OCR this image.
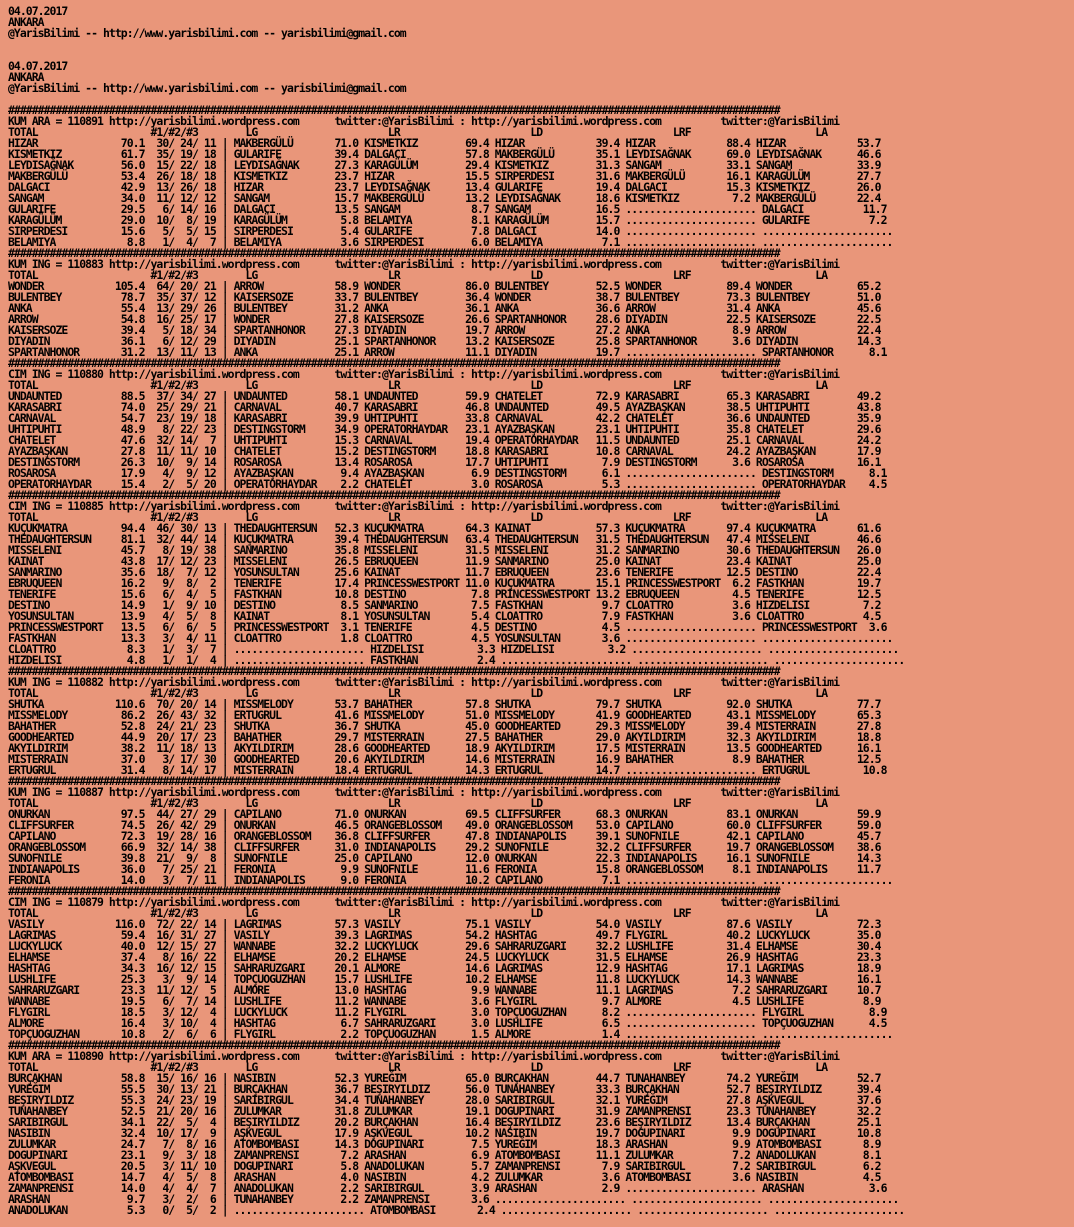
04.07.2017
ANKARA
@YarisBilimi -- http://www.yarisbilimi.com -- yarisbilimi@gmail.com

04.07.2017
ANKARA
@YarisBilimi -- http://www.yarisbilimi.com -- yarisbilimi@gmail.com

##################################################################################################################################
KUM ARA = 110891 http://yarisbilimi.wordpress.com      twitter:@YarisBilimi : http://yarisbilimi.wordpress.com          twitter:@YarisBilimi
TOTAL                   #1/#2/#3        LG                      LR                      LD                      LRF                     LA
HIZAR              70.1  30/ 24/ 11 | MAKBERGÜLÜ       71.0 KISMETKIZ        69.4 HIZAR            39.4 HIZAR            88.4 HIZAR            53.7
KISMETKIZ          61.7  35/ 19/ 18 | GULARIFE         39.4 DALGACI          57.8 MAKBERGÜLÜ       35.1 LEYDISAĞNAK      69.0 LEYDISAĞNAK      46.6
LEYDISAĞNAK        56.0  15/ 22/ 18 | LEYDISAĞNAK      27.3 KARAGÜLÜM        29.4 KISMETKIZ        31.3 SANGAM           33.1 SANGAM           33.9
MAKBERGÜLÜ         53.4  26/ 18/ 18 | KISMETKIZ        23.7 HIZAR            15.5 SIRPERDESI       31.6 MAKBERGÜLÜ       16.1 KARAGÜLÜM        27.7
DALGACI            42.9  13/ 26/ 18 | HIZAR            23.7 LEYDISAĞNAK      13.4 GULARIFE         19.4 DALGACI          15.3 KISMETKIZ        26.0
SANGAM             34.0  11/ 12/ 12 | SANGAM           15.7 MAKBERGÜLÜ       13.2 LEYDISAĞNAK      18.6 KISMETKIZ         7.2 MAKBERGÜLÜ       22.4
GULARIFE           29.5   6/ 14/ 16 | DALGACI          13.5 SANGAM            8.7 SANGAM           16.5 ...................... DALGACI          11.7
KARAGÜLÜM          29.0  10/  8/ 19 | KARAGÜLÜM         5.8 BELAMIYA          8.1 KARAGÜLÜM        15.7 ...................... GULARIFE          7.2
SIRPERDESI         15.6   5/  5/ 15 | SIRPERDESI        5.4 GULARIFE          7.8 DALGACI          14.0 ...................... ......................
BELAMIYA            8.8   1/  4/  7 | BELAMIYA          3.6 SIRPERDESI        6.0 BELAMIYA          7.1 ...................... ......................
##################################################################################################################################
KUM ING = 110883 http://yarisbilimi.wordpress.com      twitter:@YarisBilimi : http://yarisbilimi.wordpress.com          twitter:@YarisBilimi
TOTAL                   #1/#2/#3        LG                      LR                      LD                      LRF                     LA
WONDER            105.4  64/ 20/ 21 | ARROW            58.9 WONDER           86.0 BULENTBEY        52.5 WONDER           89.4 WONDER           65.2
BULENTBEY          78.7  35/ 37/ 12 | KAISERSOZE       33.7 BULENTBEY        36.4 WONDER           38.7 BULENTBEY        73.3 BULENTBEY        51.0
ANKA               55.4  13/ 29/ 26 | BULENTBEY        31.2 ANKA             36.1 ANKA             36.6 ARROW            31.4 ANKA             45.6
ARROW              54.8  16/ 25/ 17 | WONDER           27.8 KAISERSOZE       26.6 SPARTANHONOR     28.6 DIYADIN          22.5 KAISERSOZE       22.5
KAISERSOZE         39.4   5/ 18/ 34 | SPARTANHONOR     27.3 DIYADIN          19.7 ARROW            27.2 ANKA              8.9 ARROW            22.4
DIYADIN            36.1   6/ 12/ 29 | DIYADIN          25.1 SPARTANHONOR     13.2 KAISERSOZE       25.8 SPARTANHONOR      3.6 DIYADIN          14.3
SPARTANHONOR       31.2  13/ 11/ 13 | ANKA             25.1 ARROW            11.1 DIYADIN          19.7 ...................... SPARTANHONOR      8.1
##################################################################################################################################
CIM ING = 110880 http://yarisbilimi.wordpress.com      twitter:@YarisBilimi : http://yarisbilimi.wordpress.com          twitter:@YarisBilimi
TOTAL                   #1/#2/#3        LG                      LR                      LD                      LRF                     LA
UNDAUNTED          88.5  37/ 34/ 27 | UNDAUNTED        58.1 UNDAUNTED        59.9 CHATELET         72.9 KARASABRI        65.3 KARASABRI        49.2
KARASABRI          74.0  25/ 29/ 21 | CARNAVAL         40.7 KARASABRI        46.8 UNDAUNTED        49.5 AYAZBAŞKAN       38.5 UHTIPUHTI        43.8
CARNAVAL           54.7  23/ 19/ 18 | KARASABRI        39.9 UHTIPUHTI        33.8 CARNAVAL         42.2 CHATELET         36.6 UNDAUNTED        35.9
UHTIPUHTI          48.9   8/ 22/ 23 | DESTINGSTORM     34.9 OPERATORHAYDAR   23.1 AYAZBAŞKAN       23.1 UHTIPUHTI        35.8 CHATELET         29.6
CHATELET           47.6  32/ 14/  7 | UHTIPUHTI        15.3 CARNAVAL         19.4 OPERATORHAYDAR   11.5 UNDAUNTED        25.1 CARNAVAL         24.2
AYAZBAŞKAN         27.8  11/ 11/ 10 | CHATELET         15.2 DESTINGSTORM     18.8 KARASABRI        10.8 CARNAVAL         24.2 AYAZBAŞKAN       17.9
DESTINGSTORM       26.3  10/  9/ 14 | ROSAROSA         13.4 ROSAROSA         17.7 UHTIPUHTI         7.9 DESTINGSTORM      3.6 ROSAROSA         16.1
ROSAROSA           17.9   4/  9/ 12 | AYAZBAŞKAN        9.4 AYAZBAŞKAN        6.9 DESTINGSTORM      6.1 ...................... DESTINGSTORM      8.1
OPERATORHAYDAR     15.4   2/  5/ 20 | OPERATORHAYDAR    2.2 CHATELET          3.0 ROSAROSA          5.3 ...................... OPERATORHAYDAR    4.5
##################################################################################################################################
CIM ING = 110885 http://yarisbilimi.wordpress.com      twitter:@YarisBilimi : http://yarisbilimi.wordpress.com          twitter:@YarisBilimi
TOTAL                   #1/#2/#3        LG                      LR                      LD                      LRF                     LA
KUÇUKMATRA         94.4  46/ 30/ 13 | THEDAUGHTERSUN   52.3 KUÇUKMATRA       64.3 KAINAT           57.3 KUÇUKMATRA       97.4 KUÇUKMATRA       61.6
THEDAUGHTERSUN     81.1  32/ 44/ 14 | KUÇUKMATRA       39.4 THEDAUGHTERSUN   63.4 THEDAUGHTERSUN   31.5 THEDAUGHTERSUN   47.4 MISSELENI        46.6
MISSELENI          45.7   8/ 19/ 38 | SANMARINO        35.8 MISSELENI        31.5 MISSELENI        31.2 SANMARINO        30.6 THEDAUGHTERSUN   26.0
KAINAT             43.8  17/ 12/ 23 | MISSELENI        26.5 EBRUQUEEN        11.9 SANMARINO        25.0 KAINAT           23.4 KAINAT           25.0
SANMARINO          35.6  18/  7/ 12 | YOSUNSULTAN      25.6 KAINAT           11.7 EBRUQUEEN        23.6 TENERIFE         12.5 DESTINO          22.4
EBRUQUEEN          16.2   9/  8/  2 | TENERIFE         17.4 PRINCESSWESTPORT 11.0 KUÇUKMATRA       15.1 PRINCESSWESTPORT  6.2 FASTKHAN         19.7
TENERIFE           15.6   6/  4/  5 | FASTKHAN         10.8 DESTINO           7.8 PRINCESSWESTPORT 13.2 EBRUQUEEN         4.5 TENERIFE         12.5
DESTINO            14.9   1/  9/ 10 | DESTINO           8.5 SANMARINO         7.5 FASTKHAN          9.7 CLOATTRO          3.6 HIZDELISI         7.2
YOSUNSULTAN        13.9   4/  5/  8 | KAINAT            8.1 YOSUNSULTAN       5.4 CLOATTRO          7.9 FASTKHAN          3.6 CLOATTRO          4.5
PRINCESSWESTPORT   13.5   6/  6/  5 | PRINCESSWESTPORT  3.1 TENERIFE          4.5 DESTINO           4.5 ...................... PRINCESSWESTPORT  3.6
FASTKHAN           13.3   3/  4/ 11 | CLOATTRO          1.8 CLOATTRO          4.5 YOSUNSULTAN       3.6 ...................... ......................
CLOATTRO            8.3   1/  3/  7 | ...................... HIZDELISI         3.3 HIZDELISI         3.2 ...................... ......................
HIZDELISI           4.8   1/  1/  4 | ...................... FASTKHAN          2.4 ...................... ...................... ......................
##################################################################################################################################
KUM ING = 110882 http://yarisbilimi.wordpress.com      twitter:@YarisBilimi : http://yarisbilimi.wordpress.com          twitter:@YarisBilimi
TOTAL                   #1/#2/#3        LG                      LR                      LD                      LRF                     LA
SHUTKA            110.6  70/ 20/ 14 | MISSMELODY       53.7 BAHATHER         57.8 SHUTKA           79.7 SHUTKA           92.0 SHUTKA           77.7
MISSMELODY         86.2  26/ 43/ 32 | ERTUGRUL         41.6 MISSMELODY       51.0 MISSMELODY       41.9 GOODHEARTED      43.1 MISSMELODY       65.3
BAHATHER           52.8  24/ 21/ 23 | SHUTKA           36.7 SHUTKA           45.0 GOODHEARTED      29.3 MISSMELODY       39.4 MISTERRAIN       27.8
GOODHEARTED        44.9  20/ 17/ 23 | BAHATHER         29.7 MISTERRAIN       27.5 BAHATHER         29.0 AKYILDIRIM       32.3 AKYILDIRIM       18.8
AKYILDIRIM         38.2  11/ 18/ 13 | AKYILDIRIM       28.6 GOODHEARTED      18.9 AKYILDIRIM       17.5 MISTERRAIN       13.5 GOODHEARTED      16.1
MISTERRAIN         37.0   3/ 17/ 30 | GOODHEARTED      20.6 AKYILDIRIM       14.6 MISTERRAIN       16.9 BAHATHER          8.9 BAHATHER         12.5
ERTUGRUL           31.4   8/ 14/ 17 | MISTERRAIN       18.4 ERTUGRUL         14.3 ERTUGRUL         14.7 ...................... ERTUGRUL         10.8
##################################################################################################################################
KUM ING = 110887 http://yarisbilimi.wordpress.com      twitter:@YarisBilimi : http://yarisbilimi.wordpress.com          twitter:@YarisBilimi
TOTAL                   #1/#2/#3        LG                      LR                      LD                      LRF                     LA
ONURKAN            97.5  44/ 27/ 29 | CAPILANO         71.0 ONURKAN          69.5 CLIFFSURFER      68.3 ONURKAN          83.1 ONURKAN          59.9
CLIFFSURFER        74.5  26/ 42/ 29 | ONURKAN          46.5 ORANGEBLOSSOM    49.0 ORANGEBLOSSOM    53.0 CAPILANO         60.0 CLIFFSURFER      59.0
CAPILANO           72.3  19/ 28/ 16 | ORANGEBLOSSOM    36.8 CLIFFSURFER      47.8 INDIANAPOLIS     39.1 SUNOFNILE        42.1 CAPILANO         45.7
ORANGEBLOSSOM      66.9  32/ 14/ 38 | CLIFFSURFER      31.0 INDIANAPOLIS     29.2 SUNOFNILE        32.2 CLIFFSURFER      19.7 ORANGEBLOSSOM    38.6
SUNOFNILE          39.8  21/  9/  8 | SUNOFNILE        25.0 CAPILANO         12.0 ONURKAN          22.3 INDIANAPOLIS     16.1 SUNOFNILE        14.3
INDIANAPOLIS       36.0   7/ 25/ 21 | FERONIA           9.9 SUNOFNILE        11.6 FERONIA          15.8 ORANGEBLOSSOM     8.1 INDIANAPOLIS     11.7
FERONIA            14.0   3/  7/ 11 | INDIANAPOLIS      9.0 FERONIA          10.2 CAPILANO          7.1 ...................... ......................
##################################################################################################################################
CIM ING = 110879 http://yarisbilimi.wordpress.com      twitter:@YarisBilimi : http://yarisbilimi.wordpress.com          twitter:@YarisBilimi
TOTAL                   #1/#2/#3        LG                      LR                      LD                      LRF                     LA
VASILY            116.0  72/ 22/ 14 | LAGRIMAS         57.3 VASILY           75.1 VASILY           54.0 VASILY           87.6 VASILY           72.3
LAGRIMAS           59.4  16/ 31/ 27 | VASILY           39.3 LAGRIMAS         54.2 HASHTAG          49.7 FLYGIRL          40.2 LUCKYLUCK        35.0
LUCKYLUCK          40.0  12/ 15/ 27 | WANNABE          32.2 LUCKYLUCK        29.6 SAHRARUZGARI     32.2 LUSHLIFE         31.4 ELHAMSE          30.4
ELHAMSE            37.4   8/ 16/ 22 | ELHAMSE          20.2 ELHAMSE          24.5 LUCKYLUCK        31.5 ELHAMSE          26.9 HASHTAG          23.3
HASHTAG            34.3  16/ 12/ 15 | SAHRARUZGARI     20.1 ALMORE           14.6 LAGRIMAS         12.9 HASHTAG          17.1 LAGRIMAS         18.9
LUSHLIFE           25.3   3/  9/ 14 | TOPÇUOGUZHAN     15.7 LUSHLIFE         10.2 ELHAMSE          11.8 LUCKYLUCK        14.3 WANNABE          16.1
SAHRARUZGARI       23.3  11/ 12/  5 | ALMORE           13.0 HASHTAG           9.9 WANNABE          11.1 LAGRIMAS          7.2 SAHRARUZGARI     10.7
WANNABE            19.5   6/  7/ 14 | LUSHLIFE         11.2 WANNABE           3.6 FLYGIRL           9.7 ALMORE            4.5 LUSHLIFE          8.9
FLYGIRL            18.5   3/ 12/  4 | LUCKYLUCK        11.2 FLYGIRL           3.0 TOPÇUOGUZHAN      8.2 ...................... FLYGIRL           8.9
ALMORE             16.4   3/ 10/  4 | HASHTAG           6.7 SAHRARUZGARI      3.0 LUSHLIFE          6.5 ...................... TOPÇUOGUZHAN      4.5
TOPÇUOGUZHAN       10.8   2/  6/  6 | FLYGIRL           2.2 TOPÇUOGUZHAN      1.5 ALMORE            1.4 ...................... ......................
##################################################################################################################################
KUM ARA = 110890 http://yarisbilimi.wordpress.com      twitter:@YarisBilimi : http://yarisbilimi.wordpress.com          twitter:@YarisBilimi
TOTAL                   #1/#2/#3        LG                      LR                      LD                      LRF                     LA
BURÇAKHAN          58.8  15/ 16/ 16 | NASIBIN          52.3 YUREĞIM          65.0 BURÇAKHAN        44.7 TUNAHANBEY       74.2 YUREĞIM          52.7
YUREĞIM            55.5  30/ 13/ 21 | BURÇAKHAN        36.7 BEŞIRYILDIZ      56.0 TUNAHANBEY       33.3 BURÇAKHAN        52.7 BEŞIRYILDIZ      39.4
BEŞIRYILDIZ        55.3  24/ 23/ 19 | SARIBIRGUL       34.4 TUNAHANBEY       28.0 SARIBIRGUL       32.1 YUREĞIM          27.8 AŞKVEGUL         37.6
TUNAHANBEY         52.5  21/ 20/ 16 | ZULUMKAR         31.8 ZULUMKAR         19.1 DOGUPINARI       31.9 ZAMANPRENSI      23.3 TUNAHANBEY       32.2
SARIBIRGUL         34.1  22/  5/  4 | BEŞIRYILDIZ      20.2 BURÇAKHAN        16.4 BEŞIRYILDIZ      23.6 BEŞIRYILDIZ      13.4 BURÇAKHAN        25.1
NASIBIN            32.4  10/ 17/  9 | AŞKVEGUL         17.9 AŞKVEGUL         10.2 NASIBIN          19.7 DOGUPINARI        9.9 DOGUPINARI       10.8
ZULUMKAR           24.7   7/  8/ 16 | ATOMBOMBASI      14.3 DOGUPINARI        7.5 YUREĞIM          18.3 ARASHAN           9.9 ATOMBOMBASI       8.9
DOGUPINARI         23.1   9/  3/ 18 | ZAMANPRENSI       7.2 ARASHAN           6.9 ATOMBOMBASI      11.1 ZULUMKAR          7.2 ANADOLUKAN        8.1
AŞKVEGUL           20.5   3/ 11/ 10 | DOGUPINARI        5.8 ANADOLUKAN        5.7 ZAMANPRENSI       7.9 SARIBIRGUL        7.2 SARIBIRGUL        6.2
ATOMBOMBASI        14.7   4/  5/  8 | ARASHAN           4.0 NASIBIN           4.2 ZULUMKAR          3.6 ATOMBOMBASI       3.6 NASIBIN           4.5
ZAMANPRENSI        14.0   4/  4/  7 | ANADOLUKAN        2.2 SARIBIRGUL        3.9 ARASHAN           2.9 ...................... ARASHAN           3.6
ARASHAN             9.7   3/  2/  6 | TUNAHANBEY        2.2 ZAMANPRENSI       3.6 ...................... ...................... ......................
ANADOLUKAN          5.3   0/  5/  2 | ...................... ATOMBOMBASI       2.4 ...................... ...................... ......................
